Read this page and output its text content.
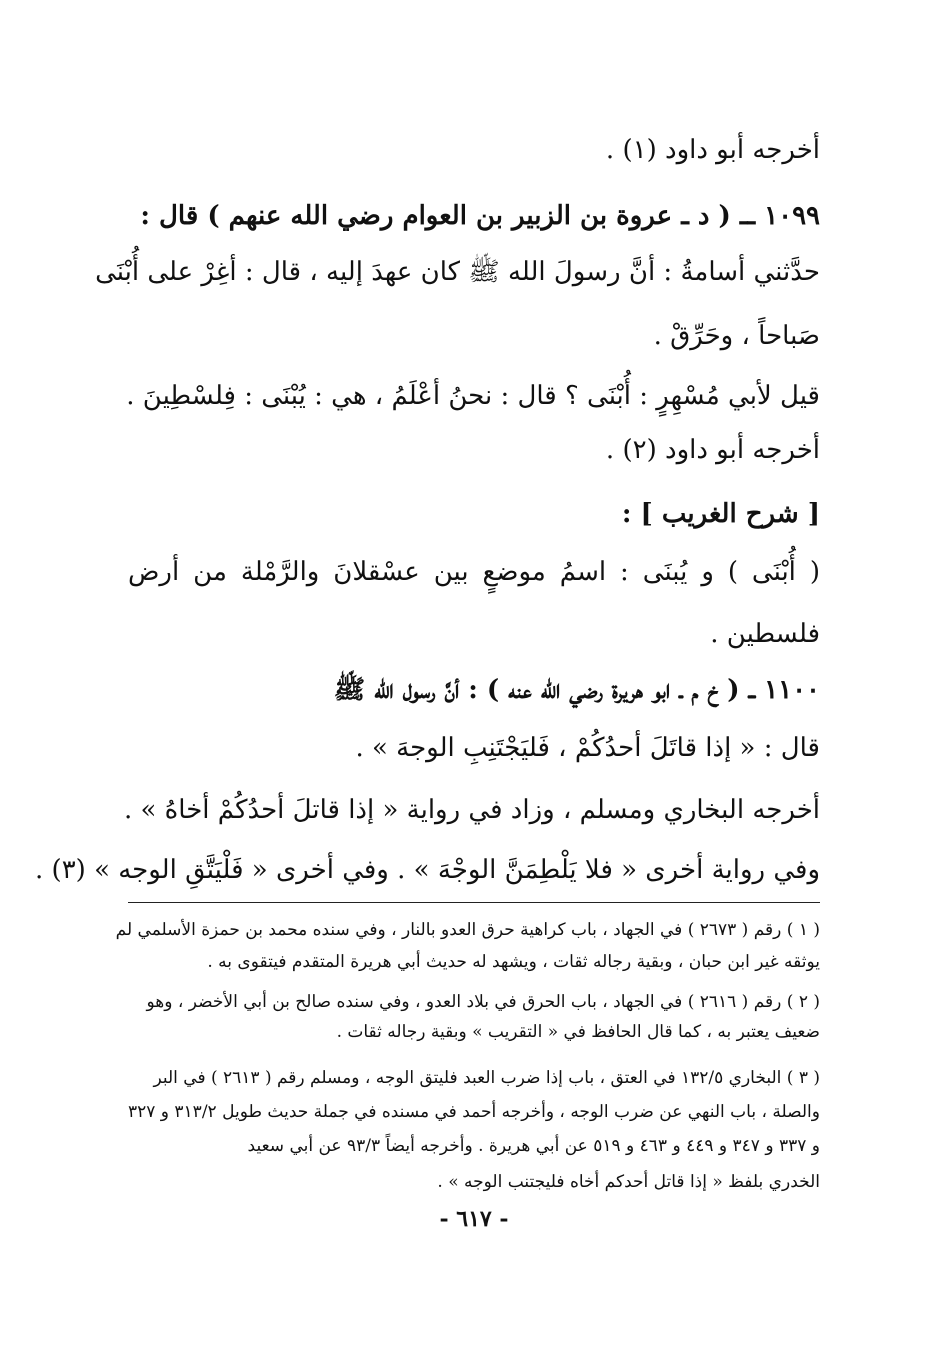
أخرجه أبو داود (١) .
١٠٩٩ ــ ( د ـ عروة بن الزبير بن العوام رضي الله عنهم ) قال :
حدَّثني أسامةُ : أنَّ رسولَ الله ﷺ كان عهدَ إليه ، قال : أغِرْ على أُبْنَى
صَباحاً ، وحَرِّقْ .
قيل لأبي مُسْهِرٍ : أُبْنَى ؟ قال : نحنُ أعْلَمُ ، هي : يُبْنَى : فِلسْطِينَ .
أخرجه أبو داود (٢) .
[ شرح الغريب ] :
( أُبْنَى ) و يُبنَى : اسمُ موضعٍ بين عسْقلانَ والرَّمْلة من أرض
فلسطين .
١١٠٠ ــ ( خ م ـ ابو هريرة رضي الله عنه ) : أنَّ رسول الله ﷺ
قال : « إذا قاتَلَ أحدُكُمْ ، فَليَجْتَنِبِ الوجهَ » .
أخرجه البخاري ومسلم ، وزاد في رواية « إذا قاتلَ أحدُكُمْ أخاهُ » .
وفي رواية أخرى « فلا يَلْطِمَنَّ الوجْهَ » . وفي أخرى « فَلْيَتَّقِ الوجه » (٣) .
( ١ ) رقم ( ٢٦٧٣ ) في الجهاد ، باب كراهية حرق العدو بالنار ، وفي سنده محمد بن حمزة الأسلمي لم
يوثقه غير ابن حبان ، وبقية رجاله ثقات ، ويشهد له حديث أبي هريرة المتقدم فيتقوى به .
( ٢ ) رقم ( ٢٦١٦ ) في الجهاد ، باب الحرق في بلاد العدو ، وفي سنده صالح بن أبي الأخضر ، وهو
ضعيف يعتبر به ، كما قال الحافظ في « التقريب » وبقية رجاله ثقات .
( ٣ ) البخاري ١٣٢/٥ في العتق ، باب إذا ضرب العبد فليتق الوجه ، ومسلم رقم ( ٢٦١٣ ) في البر
والصلة ، باب النهي عن ضرب الوجه ، وأخرجه أحمد في مسنده في جملة حديث طويل ٣١٣/٢ و ٣٢٧
و ٣٣٧ و ٣٤٧ و ٤٤٩ و ٤٦٣ و ٥١٩ عن أبي هريرة . وأخرجه أيضاً ٩٣/٣ عن أبي سعيد
الخدري بلفظ « إذا قاتل أحدكم أخاه فليجتنب الوجه » .
- ٦١٧ -
